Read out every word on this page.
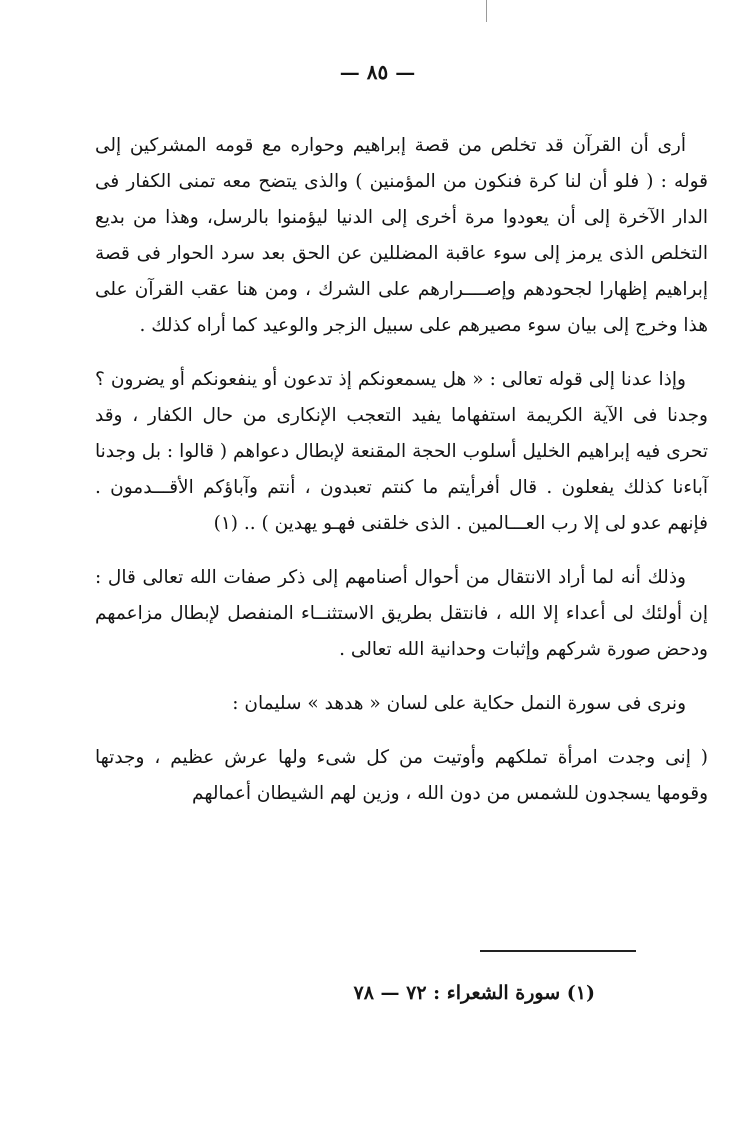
— ٨٥ —

أرى أن القرآن قد تخلص من قصة إبراهيم وحواره مع قومه المشركين إلى قوله : ( فلو أن لنا كرة فنكون من المؤمنين ) والذى يتضح معه تمنى الكفار فى الدار الآخرة إلى أن يعودوا مرة أخرى إلى الدنيا ليؤمنوا بالرسل، وهذا من بديع التخلص الذى يرمز إلى سوء عاقبة المضللين عن الحق بعد سرد الحوار فى قصة إبراهيم إظهارا لجحودهم وإصــــرارهم على الشرك ، ومن هنا عقب القرآن على هذا وخرج إلى بيان سوء مصيرهم على سبيل الزجر والوعيد كما أراه كذلك .

وإذا عدنا إلى قوله تعالى : « هل يسمعونكم إذ تدعون أو ينفعونكم أو يضرون ؟ وجدنا فى الآية الكريمة استفهاما يفيد التعجب الإنكارى من حال الكفار ، وقد تحرى فيه إبراهيم الخليل أسلوب الحجة المقنعة لإبطال دعواهم ( قالوا : بل وجدنا آباءنا كذلك يفعلون . قال أفرأيتم ما كنتم تعبدون ، أنتم وآباؤكم الأقـــدمون . فإنهم عدو لى إلا رب العـــالمين . الذى خلقنى فهـو يهدين ) .. (١)

وذلك أنه لما أراد الانتقال من أحوال أصنامهم إلى ذكر صفات الله تعالى قال : إن أولئك لى أعداء إلا الله ، فانتقل بطريق الاستثنــاء المنفصل لإبطال مزاعمهم ودحض صورة شركهم وإثبات وحدانية الله تعالى .

ونرى فى سورة النمل حكاية على لسان « هدهد » سليمان :

( إنى وجدت امرأة تملكهم وأوتيت من كل شىء ولها عرش عظيم ، وجدتها وقومها يسجدون للشمس من دون الله ، وزين لهم الشيطان أعمالهم

(١) سورة الشعراء : ٧٢ — ٧٨
